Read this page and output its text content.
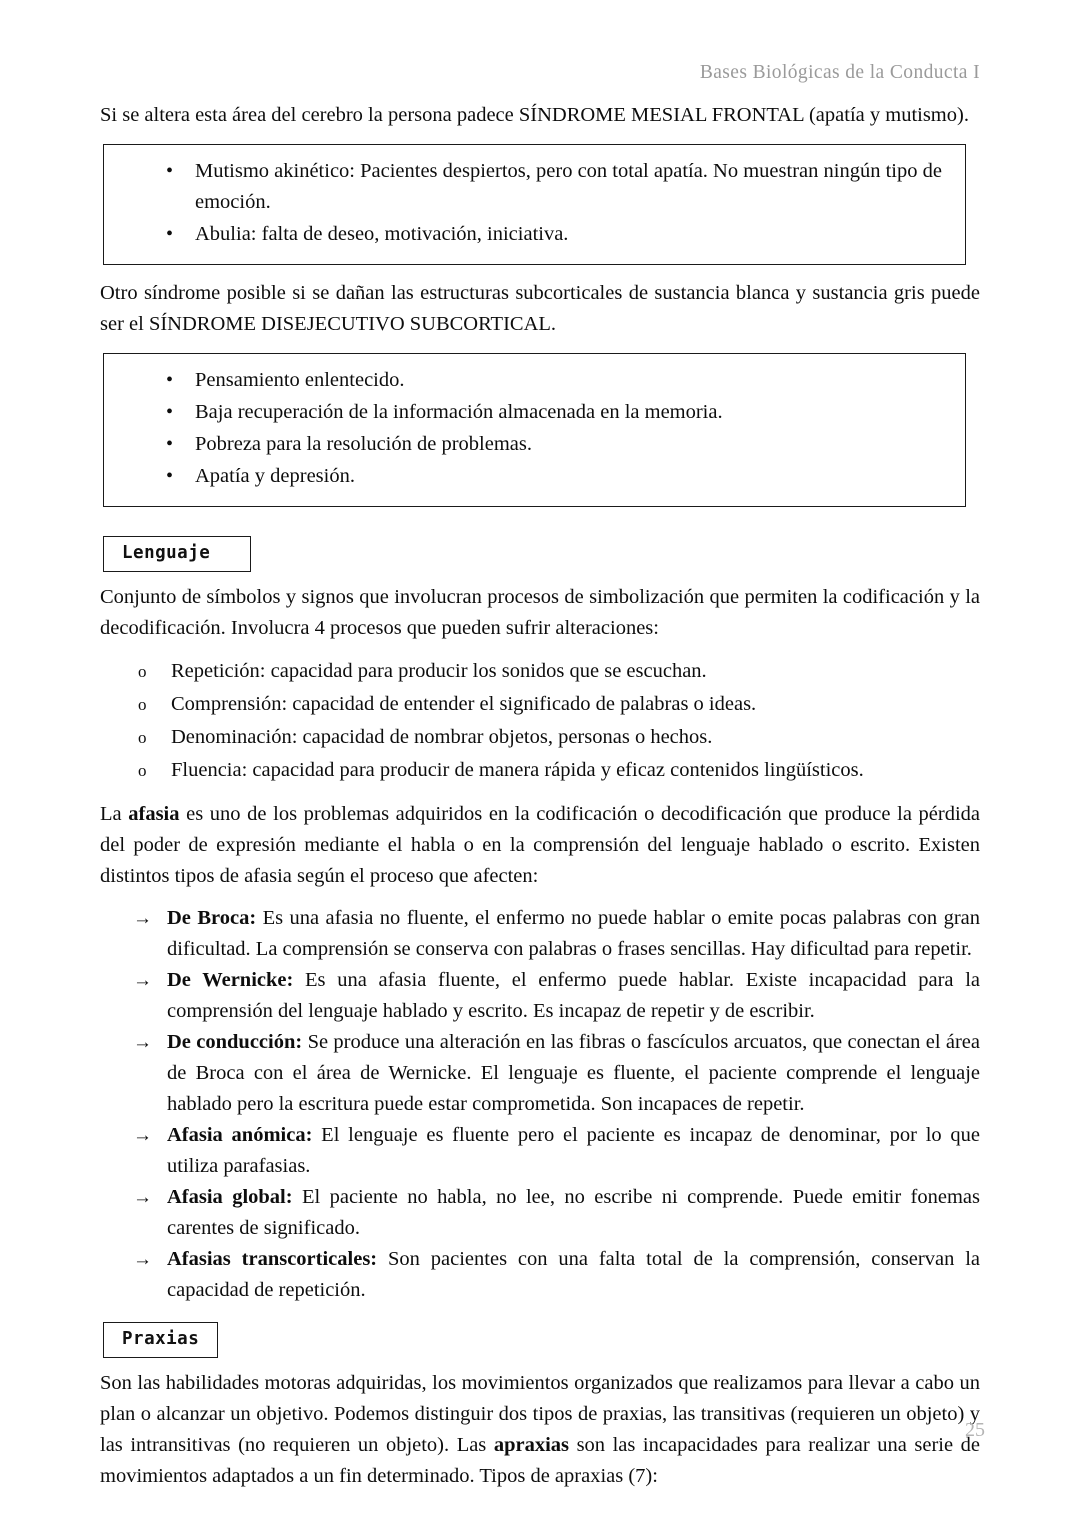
Bases Biológicas de la Conducta I

Si se altera esta área del cerebro la persona padece SÍNDROME MESIAL FRONTAL (apatía y mutismo).

• Mutismo akinético: Pacientes despiertos, pero con total apatía. No muestran ningún tipo de emoción.
• Abulia: falta de deseo, motivación, iniciativa.

Otro síndrome posible si se dañan las estructuras subcorticales de sustancia blanca y sustancia gris puede ser el SÍNDROME DISEJECUTIVO SUBCORTICAL.

• Pensamiento enlentecido.
• Baja recuperación de la información almacenada en la memoria.
• Pobreza para la resolución de problemas.
• Apatía y depresión.
Lenguaje

Conjunto de símbolos y signos que involucran procesos de simbolización que permiten la codificación y la decodificación. Involucra 4 procesos que pueden sufrir alteraciones:

o Repetición: capacidad para producir los sonidos que se escuchan.
o Comprensión: capacidad de entender el significado de palabras o ideas.
o Denominación: capacidad de nombrar objetos, personas o hechos.
o Fluencia: capacidad para producir de manera rápida y eficaz contenidos lingüísticos.

La afasia es uno de los problemas adquiridos en la codificación o decodificación que produce la pérdida del poder de expresión mediante el habla o en la comprensión del lenguaje hablado o escrito. Existen distintos tipos de afasia según el proceso que afecten:

→ De Broca: Es una afasia no fluente, el enfermo no puede hablar o emite pocas palabras con gran dificultad. La comprensión se conserva con palabras o frases sencillas. Hay dificultad para repetir.
→ De Wernicke: Es una afasia fluente, el enfermo puede hablar. Existe incapacidad para la comprensión del lenguaje hablado y escrito. Es incapaz de repetir y de escribir.
→ De conducción: Se produce una alteración en las fibras o fascículos arcuatos, que conectan el área de Broca con el área de Wernicke. El lenguaje es fluente, el paciente comprende el lenguaje hablado pero la escritura puede estar comprometida. Son incapaces de repetir.
→ Afasia anómica: El lenguaje es fluente pero el paciente es incapaz de denominar, por lo que utiliza parafasias.
→ Afasia global: El paciente no habla, no lee, no escribe ni comprende. Puede emitir fonemas carentes de significado.
→ Afasias transcorticales: Son pacientes con una falta total de la comprensión, conservan la capacidad de repetición.
Praxias

Son las habilidades motoras adquiridas, los movimientos organizados que realizamos para llevar a cabo un plan o alcanzar un objetivo. Podemos distinguir dos tipos de praxias, las transitivas (requieren un objeto) y las intransitivas (no requieren un objeto). Las apraxias son las incapacidades para realizar una serie de movimientos adaptados a un fin determinado. Tipos de apraxias (7):

25
